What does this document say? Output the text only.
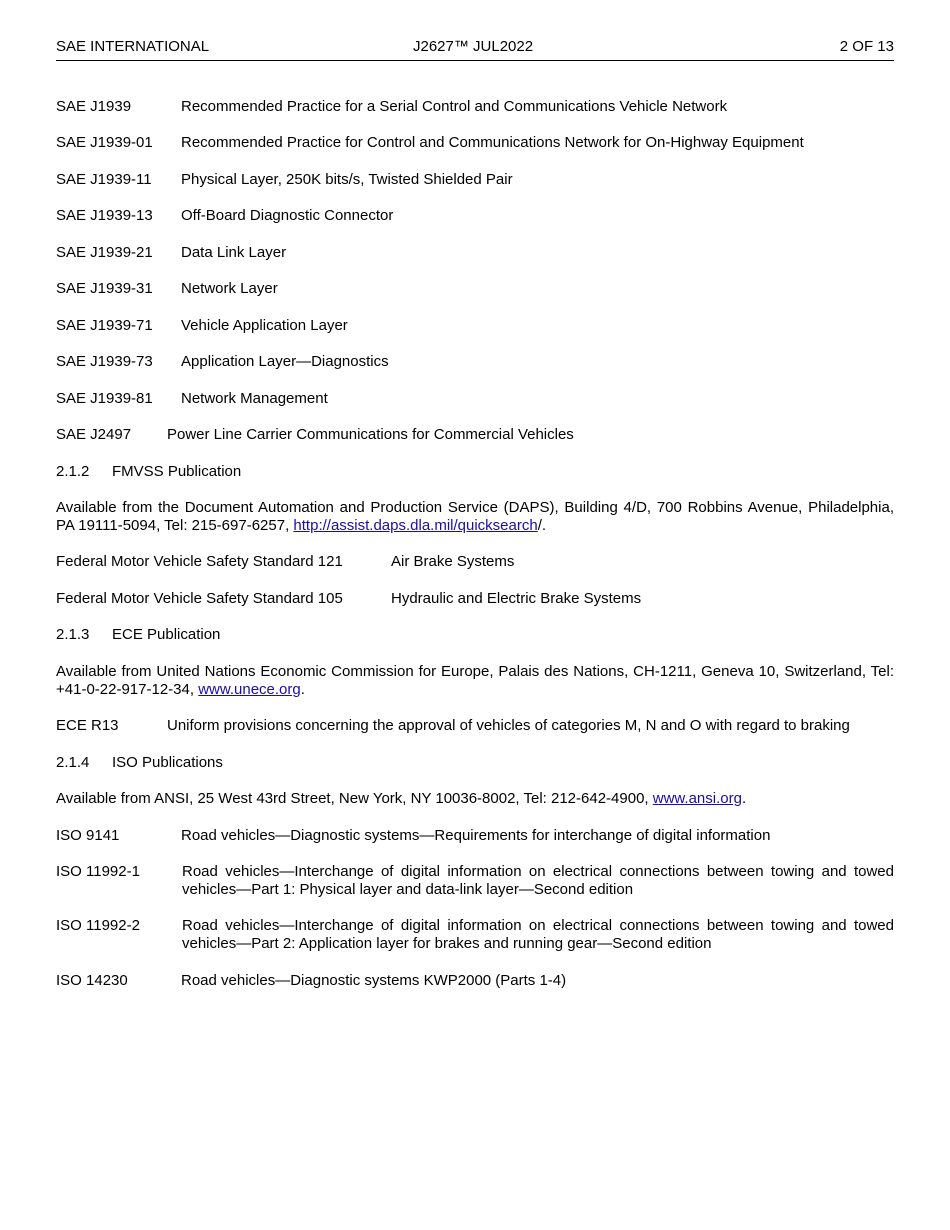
SAE INTERNATIONAL	J2627™ JUL2022	2 OF 13
SAE J1939	Recommended Practice for a Serial Control and Communications Vehicle Network
SAE J1939-01 Recommended Practice for Control and Communications Network for On-Highway Equipment
SAE J1939-11 Physical Layer, 250K bits/s, Twisted Shielded Pair
SAE J1939-13 Off-Board Diagnostic Connector
SAE J1939-21 Data Link Layer
SAE J1939-31 Network Layer
SAE J1939-71 Vehicle Application Layer
SAE J1939-73 Application Layer—Diagnostics
SAE J1939-81 Network Management
SAE J2497 Power Line Carrier Communications for Commercial Vehicles
2.1.2 FMVSS Publication
Available from the Document Automation and Production Service (DAPS), Building 4/D, 700 Robbins Avenue, Philadelphia, PA 19111-5094, Tel: 215-697-6257, http://assist.daps.dla.mil/quicksearch/.
Federal Motor Vehicle Safety Standard 121	Air Brake Systems
Federal Motor Vehicle Safety Standard 105	Hydraulic and Electric Brake Systems
2.1.3 ECE Publication
Available from United Nations Economic Commission for Europe, Palais des Nations, CH-1211, Geneva 10, Switzerland, Tel: +41-0-22-917-12-34, www.unece.org.
ECE R13	Uniform provisions concerning the approval of vehicles of categories M, N and O with regard to braking
2.1.4 ISO Publications
Available from ANSI, 25 West 43rd Street, New York, NY 10036-8002, Tel: 212-642-4900, www.ansi.org.
ISO 9141	Road vehicles—Diagnostic systems—Requirements for interchange of digital information
ISO 11992-1	Road vehicles—Interchange of digital information on electrical connections between towing and towed vehicles—Part 1: Physical layer and data-link layer—Second edition
ISO 11992-2	Road vehicles—Interchange of digital information on electrical connections between towing and towed vehicles—Part 2: Application layer for brakes and running gear—Second edition
ISO 14230	Road vehicles—Diagnostic systems KWP2000 (Parts 1-4)
